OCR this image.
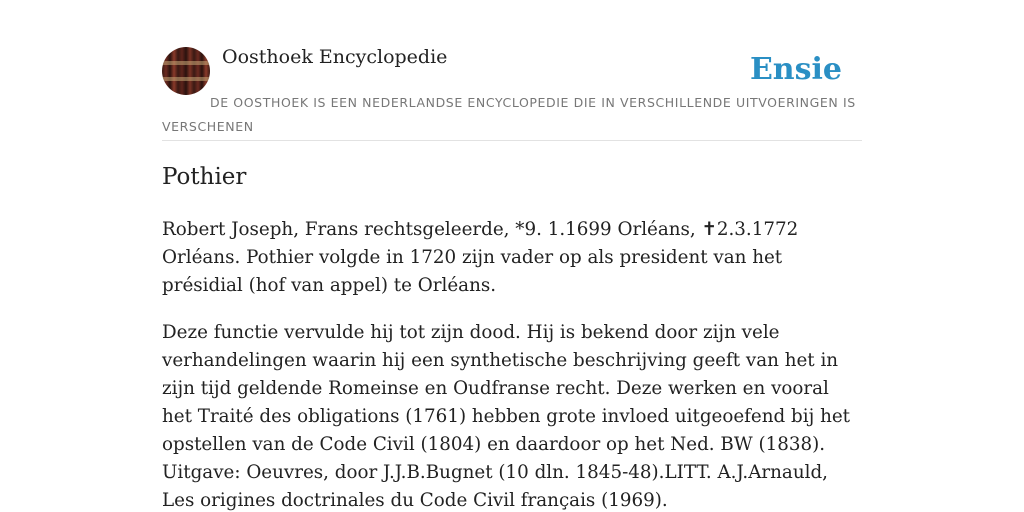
Oosthoek Encyclopedie	Ensie
DE OOSTHOEK IS EEN NEDERLANDSE ENCYCLOPEDIE DIE IN VERSCHILLENDE UITVOERINGEN IS VERSCHENEN
Pothier

Robert Joseph, Frans rechtsgeleerde, *9. 1.1699 Orléans, ✝2.3.1772 Orléans. Pothier volgde in 1720 zijn vader op als president van het présidial (hof van appel) te Orléans.

Deze functie vervulde hij tot zijn dood. Hij is bekend door zijn vele verhandelingen waarin hij een synthetische beschrijving geeft van het in zijn tijd geldende Romeinse en Oudfranse recht. Deze werken en vooral het Traité des obligations (1761) hebben grote invloed uitgeoefend bij het opstellen van de Code Civil (1804) en daardoor op het Ned. BW (1838). Uitgave: Oeuvres, door J.J.B.Bugnet (10 dln. 1845-48).LITT. A.J.Arnauld, Les origines doctrinales du Code Civil français (1969).
